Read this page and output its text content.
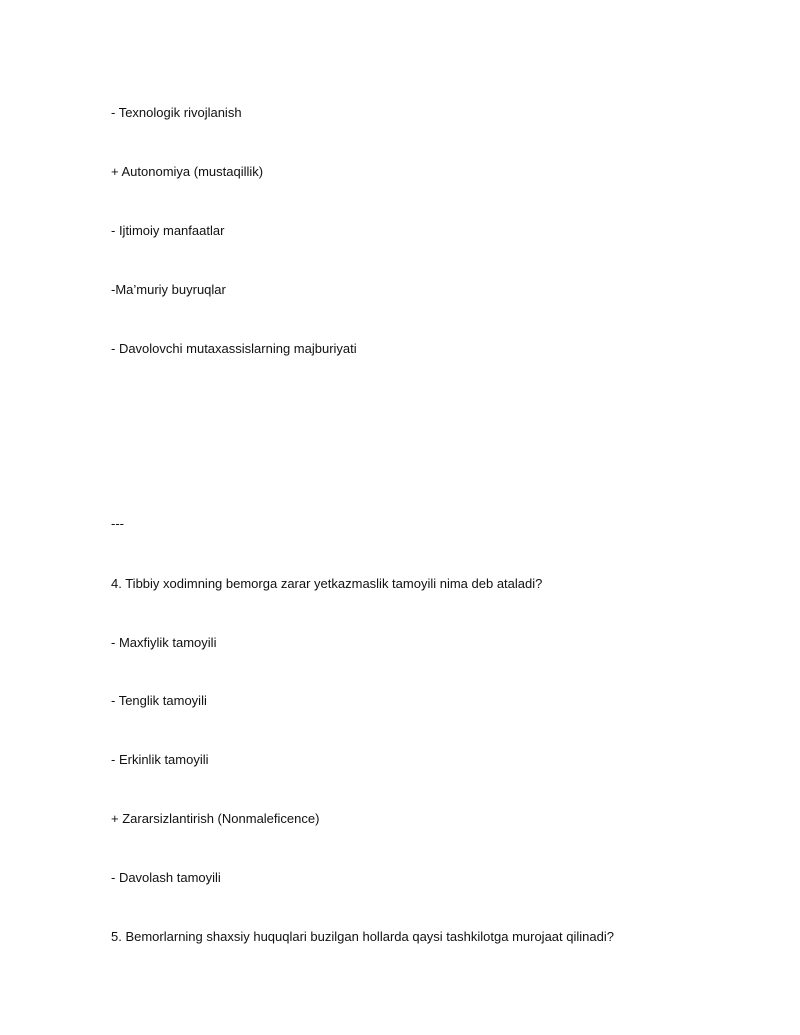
- Texnologik rivojlanish
+ Autonomiya (mustaqillik)
- Ijtimoiy manfaatlar
-Ma’muriy buyruqlar
- Davolovchi mutaxassislarning majburiyati
---
4. Tibbiy xodimning bemorga zarar yetkazmaslik tamoyili nima deb ataladi?
- Maxfiylik tamoyili
- Tenglik tamoyili
- Erkinlik tamoyili
+ Zararsizlantirish (Nonmaleficence)
- Davolash tamoyili
5. Bemorlarning shaxsiy huquqlari buzilgan hollarda qaysi tashkilotga murojaat qilinadi?
